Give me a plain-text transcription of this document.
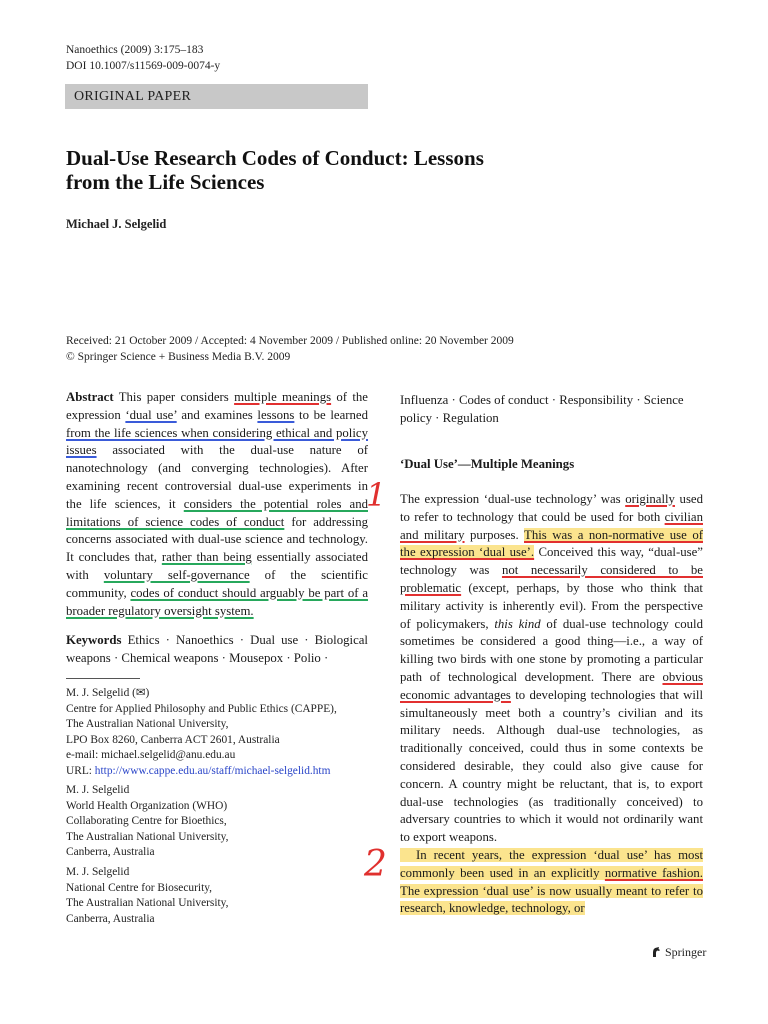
Nanoethics (2009) 3:175–183
DOI 10.1007/s11569-009-0074-y
ORIGINAL PAPER
Dual-Use Research Codes of Conduct: Lessons
from the Life Sciences
Michael J. Selgelid
Received: 21 October 2009 / Accepted: 4 November 2009 / Published online: 20 November 2009
© Springer Science + Business Media B.V. 2009
Abstract This paper considers multiple meanings of the expression ‘dual use’ and examines lessons to be learned from the life sciences when considering ethical and policy issues associated with the dual-use nature of nanotechnology (and converging technologies). After examining recent controversial dual-use experiments in the life sciences, it considers the potential roles and limitations of science codes of conduct for addressing concerns associated with dual-use science and technology. It concludes that, rather than being essentially associated with voluntary self-governance of the scientific community, codes of conduct should arguably be part of a broader regulatory oversight system.
Keywords Ethics · Nanoethics · Dual use · Biological weapons · Chemical weapons · Mousepox · Polio ·
M. J. Selgelid (✉)
Centre for Applied Philosophy and Public Ethics (CAPPE),
The Australian National University,
LPO Box 8260, Canberra ACT 2601, Australia
e-mail: michael.selgelid@anu.edu.au
URL: http://www.cappe.edu.au/staff/michael-selgelid.htm
M. J. Selgelid
World Health Organization (WHO)
Collaborating Centre for Bioethics,
The Australian National University,
Canberra, Australia
M. J. Selgelid
National Centre for Biosecurity,
The Australian National University,
Canberra, Australia
Influenza · Codes of conduct · Responsibility · Science policy · Regulation
‘Dual Use’—Multiple Meanings
The expression ‘dual-use technology’ was originally used to refer to technology that could be used for both civilian and military purposes. This was a non-normative use of the expression ‘dual use’. Conceived this way, “dual-use” technology was not necessarily considered to be problematic (except, perhaps, by those who think that military activity is inherently evil). From the perspective of policymakers, this kind of dual-use technology could sometimes be considered a good thing—i.e., a way of killing two birds with one stone by promoting a particular path of technological development. There are obvious economic advantages to developing technologies that will simultaneously meet both a country’s civilian and its military needs. Although dual-use technologies, as traditionally conceived, could thus in some contexts be considered desirable, they could also give cause for concern. A country might be reluctant, that is, to export dual-use technologies (as traditionally conceived) to adversary countries to which it would not ordinarily want to export weapons.
In recent years, the expression ‘dual use’ has most commonly been used in an explicitly normative fashion. The expression ‘dual use’ is now usually meant to refer to research, knowledge, technology, or
1
2
Springer
